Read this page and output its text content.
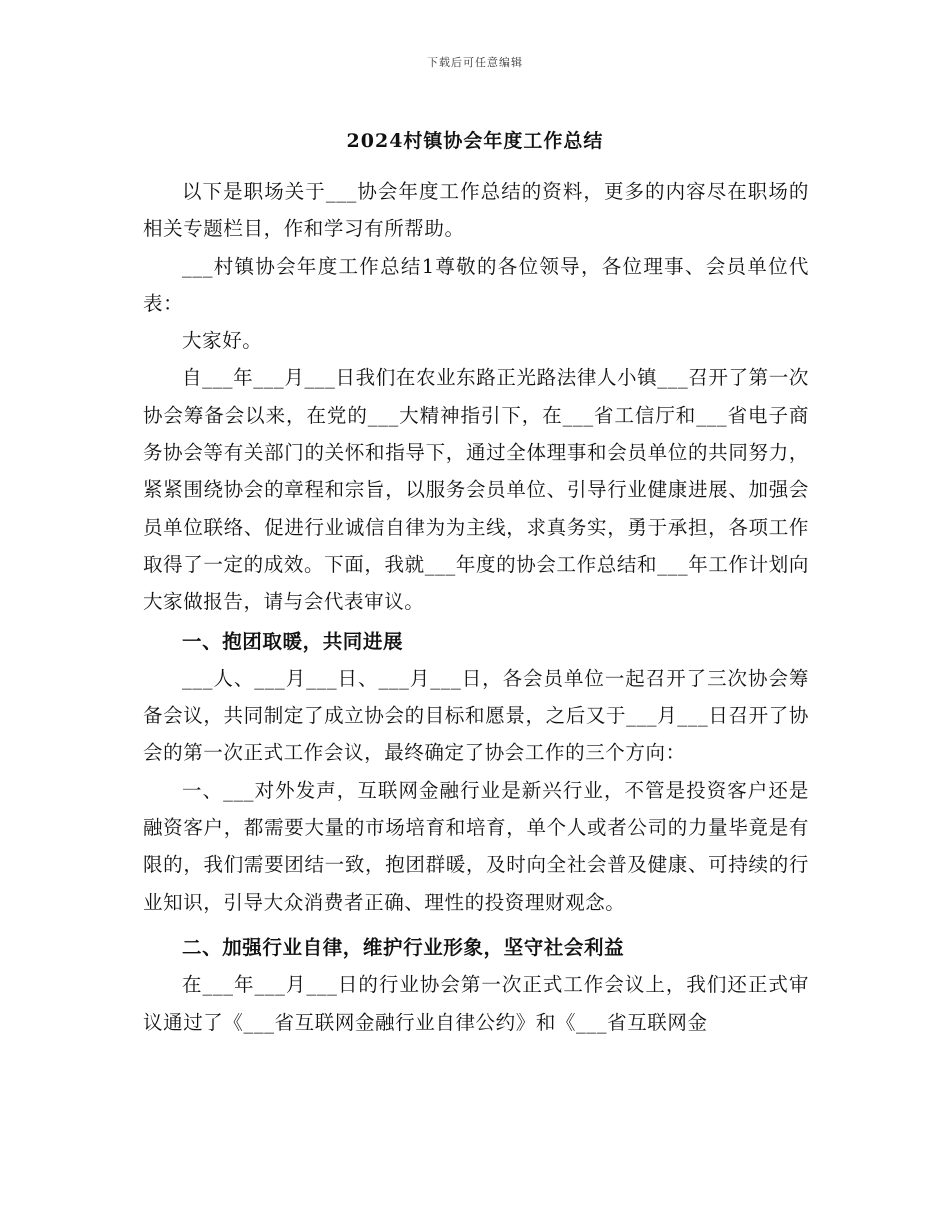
下载后可任意编辑
2024村镇协会年度工作总结

以下是职场关于___协会年度工作总结的资料，更多的内容尽在职场的相关专题栏目，作和学习有所帮助。

___村镇协会年度工作总结1尊敬的各位领导，各位理事、会员单位代表：

大家好。

自___年___月___日我们在农业东路正光路法律人小镇___召开了第一次协会筹备会以来，在党的___大精神指引下，在___省工信厅和___省电子商务协会等有关部门的关怀和指导下，通过全体理事和会员单位的共同努力，紧紧围绕协会的章程和宗旨，以服务会员单位、引导行业健康进展、加强会员单位联络、促进行业诚信自律为为主线，求真务实，勇于承担，各项工作取得了一定的成效。下面，我就___年度的协会工作总结和___年工作计划向大家做报告，请与会代表审议。

一、抱团取暖，共同进展

___人、___月___日、___月___日，各会员单位一起召开了三次协会筹备会议，共同制定了成立协会的目标和愿景，之后又于___月___日召开了协会的第一次正式工作会议，最终确定了协会工作的三个方向：

一、___对外发声，互联网金融行业是新兴行业，不管是投资客户还是融资客户，都需要大量的市场培育和培育，单个人或者公司的力量毕竟是有限的，我们需要团结一致，抱团群暖，及时向全社会普及健康、可持续的行业知识，引导大众消费者正确、理性的投资理财观念。

二、加强行业自律，维护行业形象，坚守社会利益

在___年___月___日的行业协会第一次正式工作会议上，我们还正式审议通过了《___省互联网金融行业自律公约》和《___省互联网金
